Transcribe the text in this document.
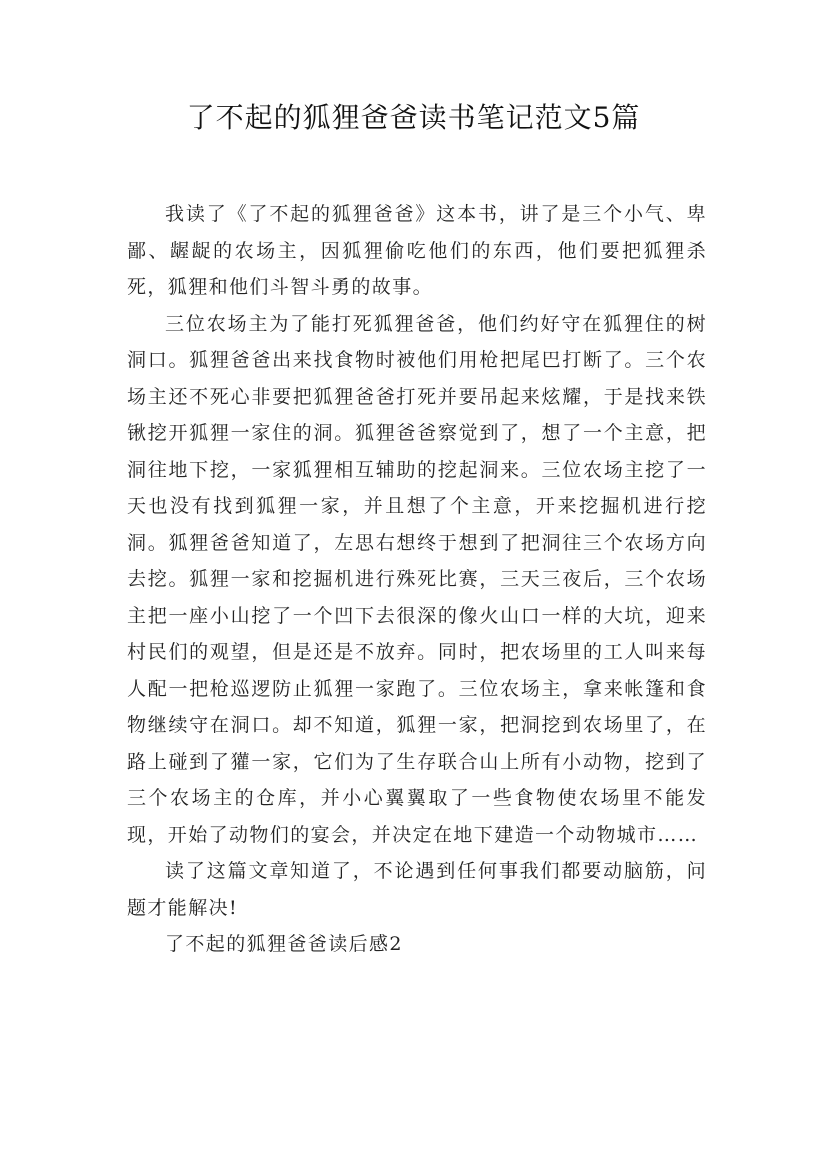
了不起的狐狸爸爸读书笔记范文5篇

我读了《了不起的狐狸爸爸》这本书，讲了是三个小气、卑鄙、龌龊的农场主，因狐狸偷吃他们的东西，他们要把狐狸杀死，狐狸和他们斗智斗勇的故事。

三位农场主为了能打死狐狸爸爸，他们约好守在狐狸住的树洞口。狐狸爸爸出来找食物时被他们用枪把尾巴打断了。三个农场主还不死心非要把狐狸爸爸打死并要吊起来炫耀，于是找来铁锹挖开狐狸一家住的洞。狐狸爸爸察觉到了，想了一个主意，把洞往地下挖，一家狐狸相互辅助的挖起洞来。三位农场主挖了一天也没有找到狐狸一家，并且想了个主意，开来挖掘机进行挖洞。狐狸爸爸知道了，左思右想终于想到了把洞往三个农场方向去挖。狐狸一家和挖掘机进行殊死比赛，三天三夜后，三个农场主把一座小山挖了一个凹下去很深的像火山口一样的大坑，迎来村民们的观望，但是还是不放弃。同时，把农场里的工人叫来每人配一把枪巡逻防止狐狸一家跑了。三位农场主，拿来帐篷和食物继续守在洞口。却不知道，狐狸一家，把洞挖到农场里了，在路上碰到了獾一家，它们为了生存联合山上所有小动物，挖到了三个农场主的仓库，并小心翼翼取了一些食物使农场里不能发现，开始了动物们的宴会，并决定在地下建造一个动物城市……

读了这篇文章知道了，不论遇到任何事我们都要动脑筋，问题才能解决!

了不起的狐狸爸爸读后感2
